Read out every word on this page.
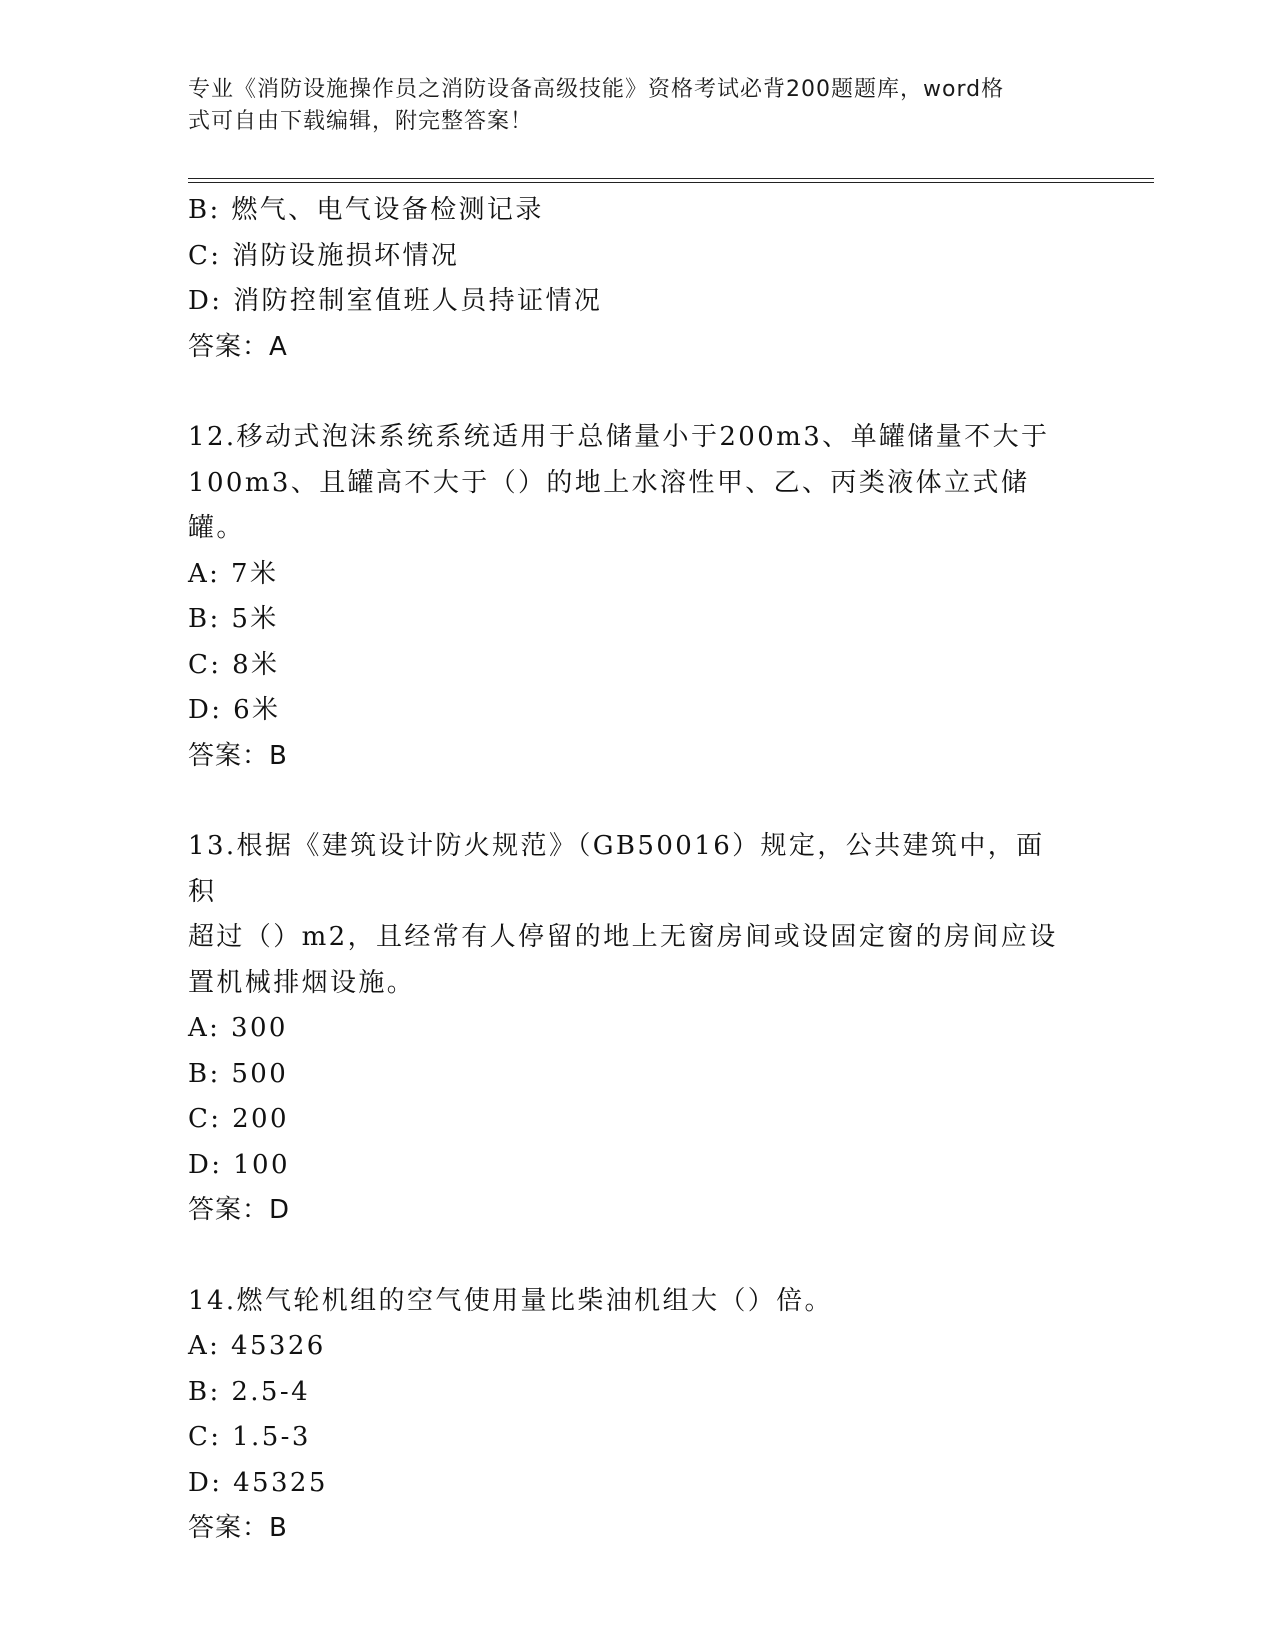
专业《消防设施操作员之消防设备高级技能》资格考试必背200题题库，word格
式可自由下载编辑，附完整答案！
B: 燃气、电气设备检测记录
C: 消防设施损坏情况
D: 消防控制室值班人员持证情况
答案：A
12.移动式泡沫系统系统适用于总储量小于200m3、单罐储量不大于
100m3、且罐高不大于（）的地上水溶性甲、乙、丙类液体立式储罐。
A: 7米
B: 5米
C: 8米
D: 6米
答案：B
13.根据《建筑设计防火规范》（GB50016）规定，公共建筑中，面积
超过（）m2，且经常有人停留的地上无窗房间或设固定窗的房间应设
置机械排烟设施。
A: 300
B: 500
C: 200
D: 100
答案：D
14.燃气轮机组的空气使用量比柴油机组大（）倍。
A: 45326
B: 2.5-4
C: 1.5-3
D: 45325
答案：B
